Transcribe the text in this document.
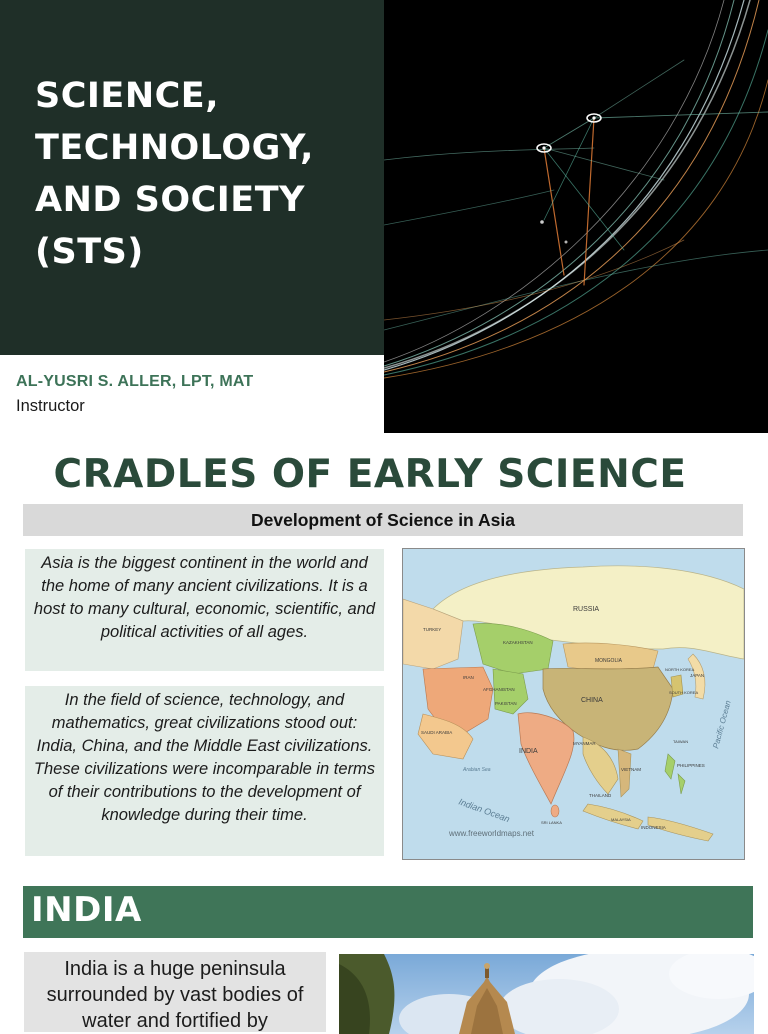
SCIENCE,
TECHNOLOGY,
AND SOCIETY
(STS)
AL-YUSRI S. ALLER, LPT, MAT
Instructor
CRADLES OF EARLY SCIENCE
Development of Science in Asia
Asia is the biggest continent in the world and the home of many ancient civilizations. It is a host to many cultural, economic, scientific, and political activities of all ages.
In the field of science, technology, and mathematics, great civilizations stood out: India, China, and the Middle East civilizations. These civilizations were incomparable in terms of their contributions to the development of knowledge during their time.
RUSSIA
CHINA
INDIA
MONGOLIA
KAZAKHSTAN
JAPAN
IRAN
PAKISTAN
AFGHANISTAN
INDONESIA
PHILIPPINES
THAILAND
VIETNAM
MYANMAR
TURKEY
SAUDI ARABIA
NORTH KOREA
SOUTH KOREA
TAIWAN
SRI LANKA
MALAYSIA
Indian Ocean
Pacific Ocean
Arabian Sea
www.freeworldmaps.net
INDIA
India is a huge peninsula surrounded by vast bodies of water and fortified by
